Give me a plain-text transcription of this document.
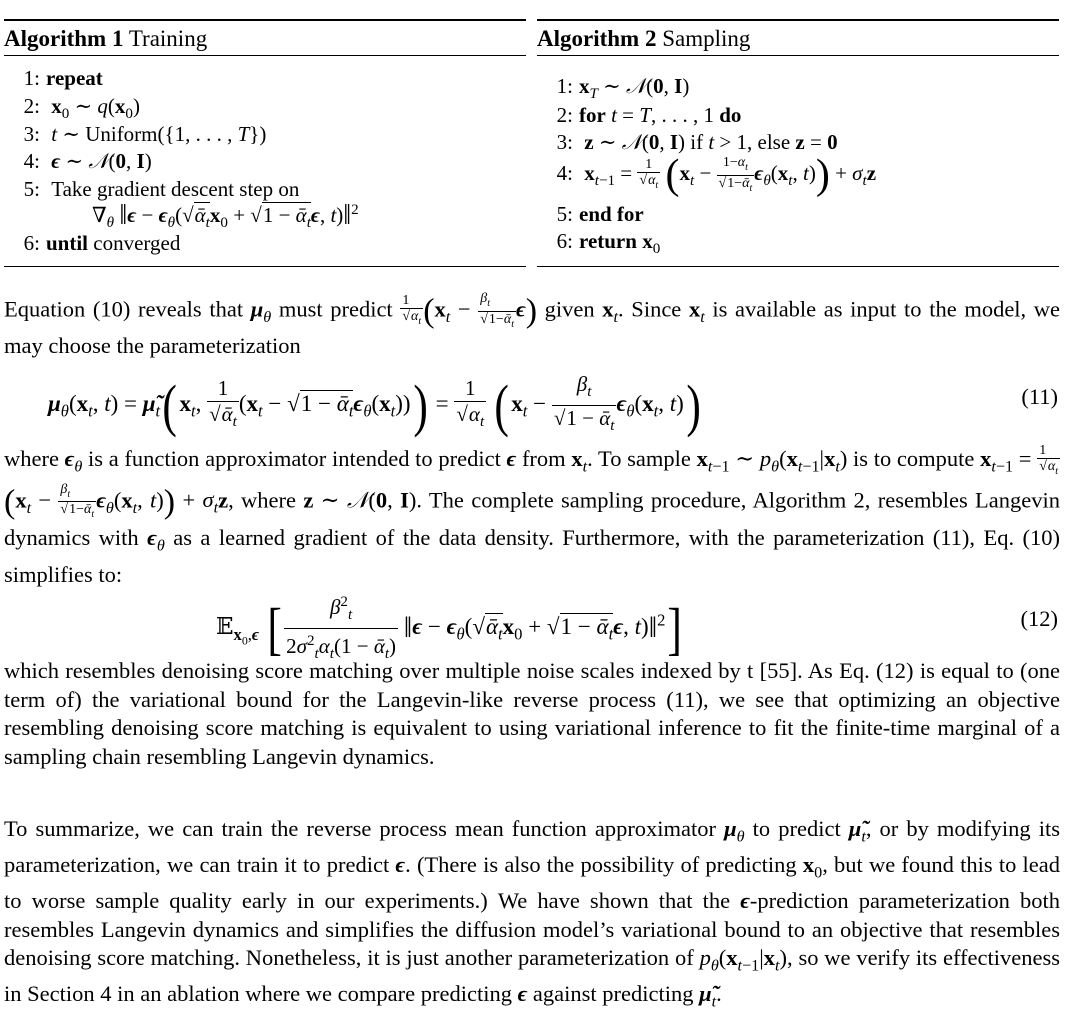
Algorithm 1 Training
1: repeat
2: $x_0$ ∼ $q(x_0)$
3: t ∼ Uniform({1, . . . , T})
4: ϵ ∼ 𝒩(0, I)
5: Take gradient descent step on
$\nabla_\theta$ ‖ϵ − $\epsilon_\theta(√ᾱ_tx_0 + √1$ − ᾱ$_t$ϵ, t)‖$^2$
6: until converged
Algorithm 2 Sampling
1: $x_T$ ∼ 𝒩(0, I)
2: for t = T, . . . , 1 do
3: z ∼ 𝒩(0, I) if t > 1, else z = 0
4: $x_{t-1} = \frac{1}{√\alpha_t} (x_t - \frac{1-\alpha_t}{√1-ᾱ_t} \epsilon_\theta(x_t$, $t)) + \sigma_tz$
5: end for
6: return $x_0$
Equation (10) reveals that $\mu_\theta$ must predict $\frac{1}{√\alpha_t} (x_t - \frac{\beta_t}{√1-ᾱ_t} \epsilon)$ given $x_t$. Since $x_t$ is available as input to the model, we may choose the parameterization
$\mu_\theta(x_t$, $t) = \mũ_t$( $x_t$, $\frac{1}{√ᾱ_t} (x_t - √1$ − $ᾱ_t\epsilon_\theta(x_t))) = \frac{1}{√\alpha_t}$ ( $x_t - \frac{\beta_t}{√1 - ᾱ_t} \epsilon_\theta(x_t$, t))	(11)
where $\epsilon_\theta$ is a function approximator intended to predict ϵ from $x_t$. To sample $x_{t-1}$ ∼ $p_\theta(x_{t-1}|x_t)$ is to compute $x_{t-1} = \frac{1}{√\alpha_t}$
($x_t - \frac{\beta_t}{√1-ᾱ_t} \epsilon_\theta(x_t$, $t)) + \sigma_tz$, where z ∼ 𝒩(0, I). The complete sampling procedure, Algorithm 2, resembles Langevin dynamics with $\epsilon_\theta$ as a learned gradient of the data density. Furthermore, with the parameterization (11), Eq. (10) simplifies to:
𝔼$_{x_0,\epsilon}$ [ $\frac{\beta^2_t}{2\sigma^2_t\alpha_t(1 - ᾱ_t)}$ ‖ϵ − $\epsilon_\theta(√ᾱ_tx_0 + √1$ − ᾱ$_t$ϵ, t)‖$^2$]	(12)
which resembles denoising score matching over multiple noise scales indexed by t [55]. As Eq. (12) is equal to (one term of) the variational bound for the Langevin-like reverse process (11), we see that optimizing an objective resembling denoising score matching is equivalent to using variational inference to fit the finite-time marginal of a sampling chain resembling Langevin dynamics.
To summarize, we can train the reverse process mean function approximator $\mu_\theta$ to predict $\mũ_t$, or by modifying its parameterization, we can train it to predict ϵ. (There is also the possibility of predicting $x_0$, but we found this to lead to worse sample quality early in our experiments.) We have shown that the ϵ-prediction parameterization both resembles Langevin dynamics and simplifies the diffusion model’s variational bound to an objective that resembles denoising score matching. Nonetheless, it is just another parameterization of $p_\theta(x_{t-1}|x_t)$, so we verify its effectiveness in Section 4 in an ablation where we compare predicting ϵ against predicting $\mũ_t$.
